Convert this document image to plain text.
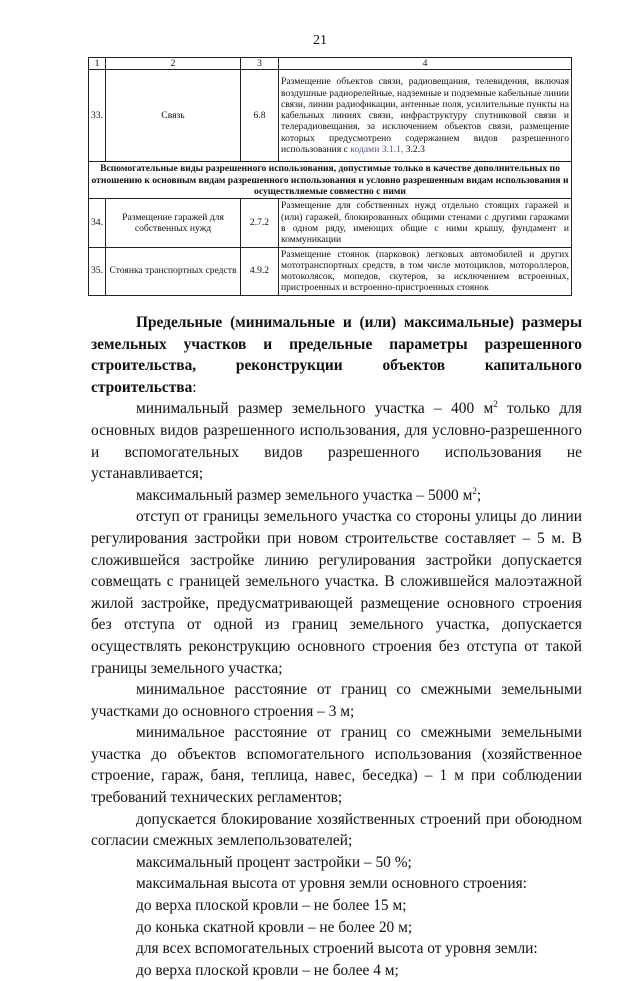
21
1	2	3	4
33.	Связь	6.8	Размещение объектов связи, радиовещания, телевидения, включая воздушные радиорелейные, надземные и подземные кабельные линии связи, линии радиофикации, антенные поля, усилительные пункты на кабельных линиях связи, инфраструктуру спутниковой связи и телерадиовещания, за исключением объектов связи, размещение которых предусмотрено содержанием видов разрешенного использования с кодами 3.1.1, 3.2.3
Вспомогательные виды разрешенного использования, допустимые только в качестве дополнительных по отношению к основным видам разрешенного использования и условно разрешенным видам использования и осуществляемые совместно с ними			
34.	Размещение гаражей для собственных нужд	2.7.2	Размещение для собственных нужд отдельно стоящих гаражей и (или) гаражей, блокированных общими стенами с другими гаражами в одном ряду, имеющих общие с ними крышу, фундамент и коммуникации
35.	Стоянка транспортных средств	4.9.2	Размещение стоянок (парковок) легковых автомобилей и других мототранспортных средств, в том числе мотоциклов, мотороллеров, мотоколясок, мопедов, скутеров, за исключением встроенных, пристроенных и встроенно-пристроенных стоянок

Предельные (минимальные и (или) максимальные) размеры земельных участков и предельные параметры разрешенного строительства, реконструкции объектов капитального строительства:

минимальный размер земельного участка – 400 $м^2$ только для основных видов разрешенного использования, для условно-разрешенного и вспомогательных видов разрешенного использования не устанавливается;

максимальный размер земельного участка – 5000 $м^2$;

отступ от границы земельного участка со стороны улицы до линии регулирования застройки при новом строительстве составляет – 5 м. В сложившейся застройке линию регулирования застройки допускается совмещать с границей земельного участка. В сложившейся малоэтажной жилой застройке, предусматривающей размещение основного строения без отступа от одной из границ земельного участка, допускается осуществлять реконструкцию основного строения без отступа от такой границы земельного участка;

минимальное расстояние от границ со смежными земельными участками до основного строения – 3 м;

минимальное расстояние от границ со смежными земельными участка до объектов вспомогательного использования (хозяйственное строение, гараж, баня, теплица, навес, беседка) – 1 м при соблюдении требований технических регламентов;

допускается блокирование хозяйственных строений при обоюдном согласии смежных землепользователей;

максимальный процент застройки – 50 %;

максимальная высота от уровня земли основного строения:

до верха плоской кровли – не более 15 м;

до конька скатной кровли – не более 20 м;

для всех вспомогательных строений высота от уровня земли:

до верха плоской кровли – не более 4 м;
